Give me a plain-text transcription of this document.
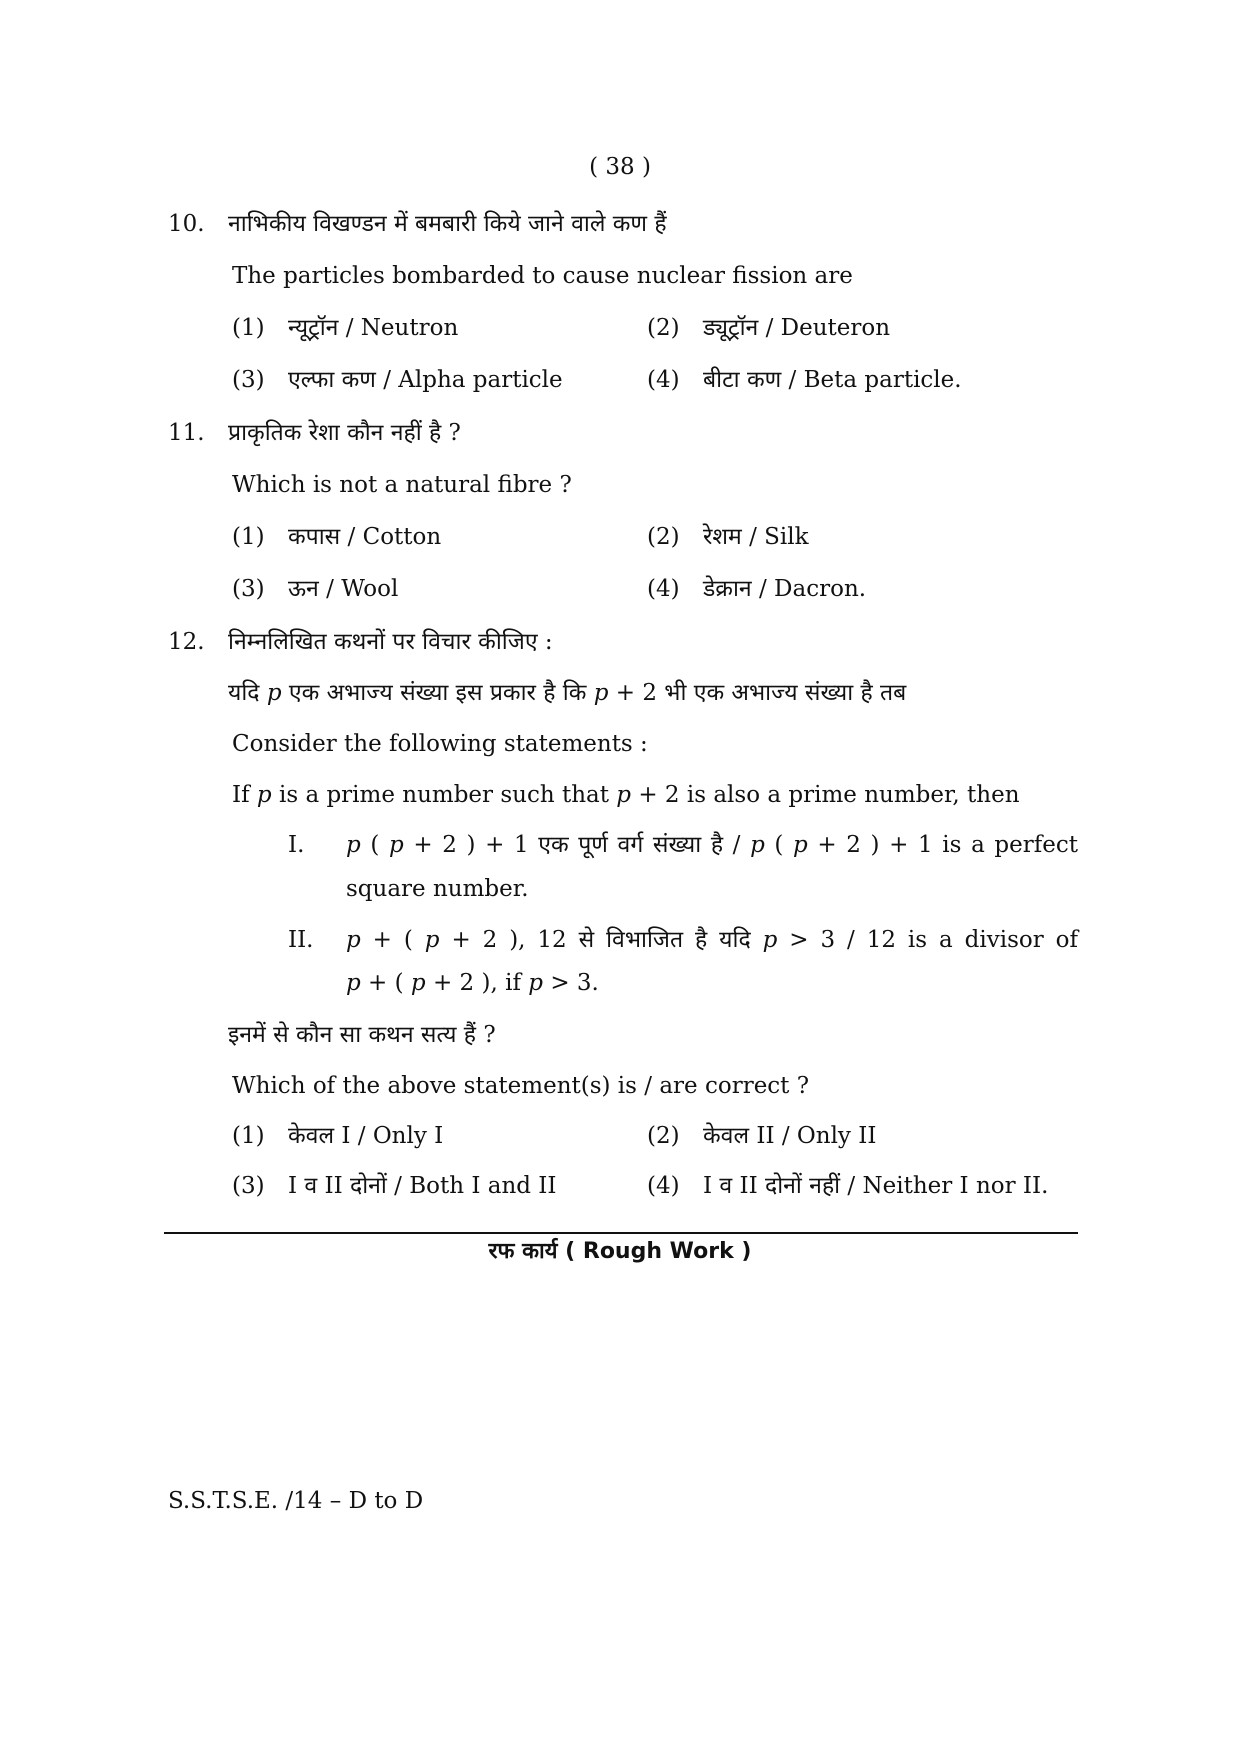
( 38 )
10. नाभिकीय विखण्डन में बमबारी किये जाने वाले कण हैं
The particles bombarded to cause nuclear fission are
(1) न्यूट्रॉन / Neutron	(2) ड्यूट्रॉन / Deuteron
(3) एल्फा कण / Alpha particle	(4) बीटा कण / Beta particle.
11. प्राकृतिक रेशा कौन नहीं है ?
Which is not a natural fibre ?
(1) कपास / Cotton	(2) रेशम / Silk
(3) ऊन / Wool	(4) डेक्रान / Dacron.
12. निम्नलिखित कथनों पर विचार कीजिए :
यदि p एक अभाज्य संख्या इस प्रकार है कि p + 2 भी एक अभाज्य संख्या है तब
Consider the following statements :
If p is a prime number such that p + 2 is also a prime number, then
I. p ( p + 2 ) + 1 एक पूर्ण वर्ग संख्या है / p ( p + 2 ) + 1 is a perfect
square number.
II. p + ( p + 2 ), 12 से विभाजित है यदि p > 3 / 12 is a divisor of
p + ( p + 2 ), if p > 3.
इनमें से कौन सा कथन सत्य हैं ?
Which of the above statement(s) is / are correct ?
(1) केवल I / Only I	(2) केवल II / Only II
(3) I व II दोनों / Both I and II	(4) I व II दोनों नहीं / Neither I nor II.
रफ कार्य ( Rough Work )
S.S.T.S.E. /14 – D to D
